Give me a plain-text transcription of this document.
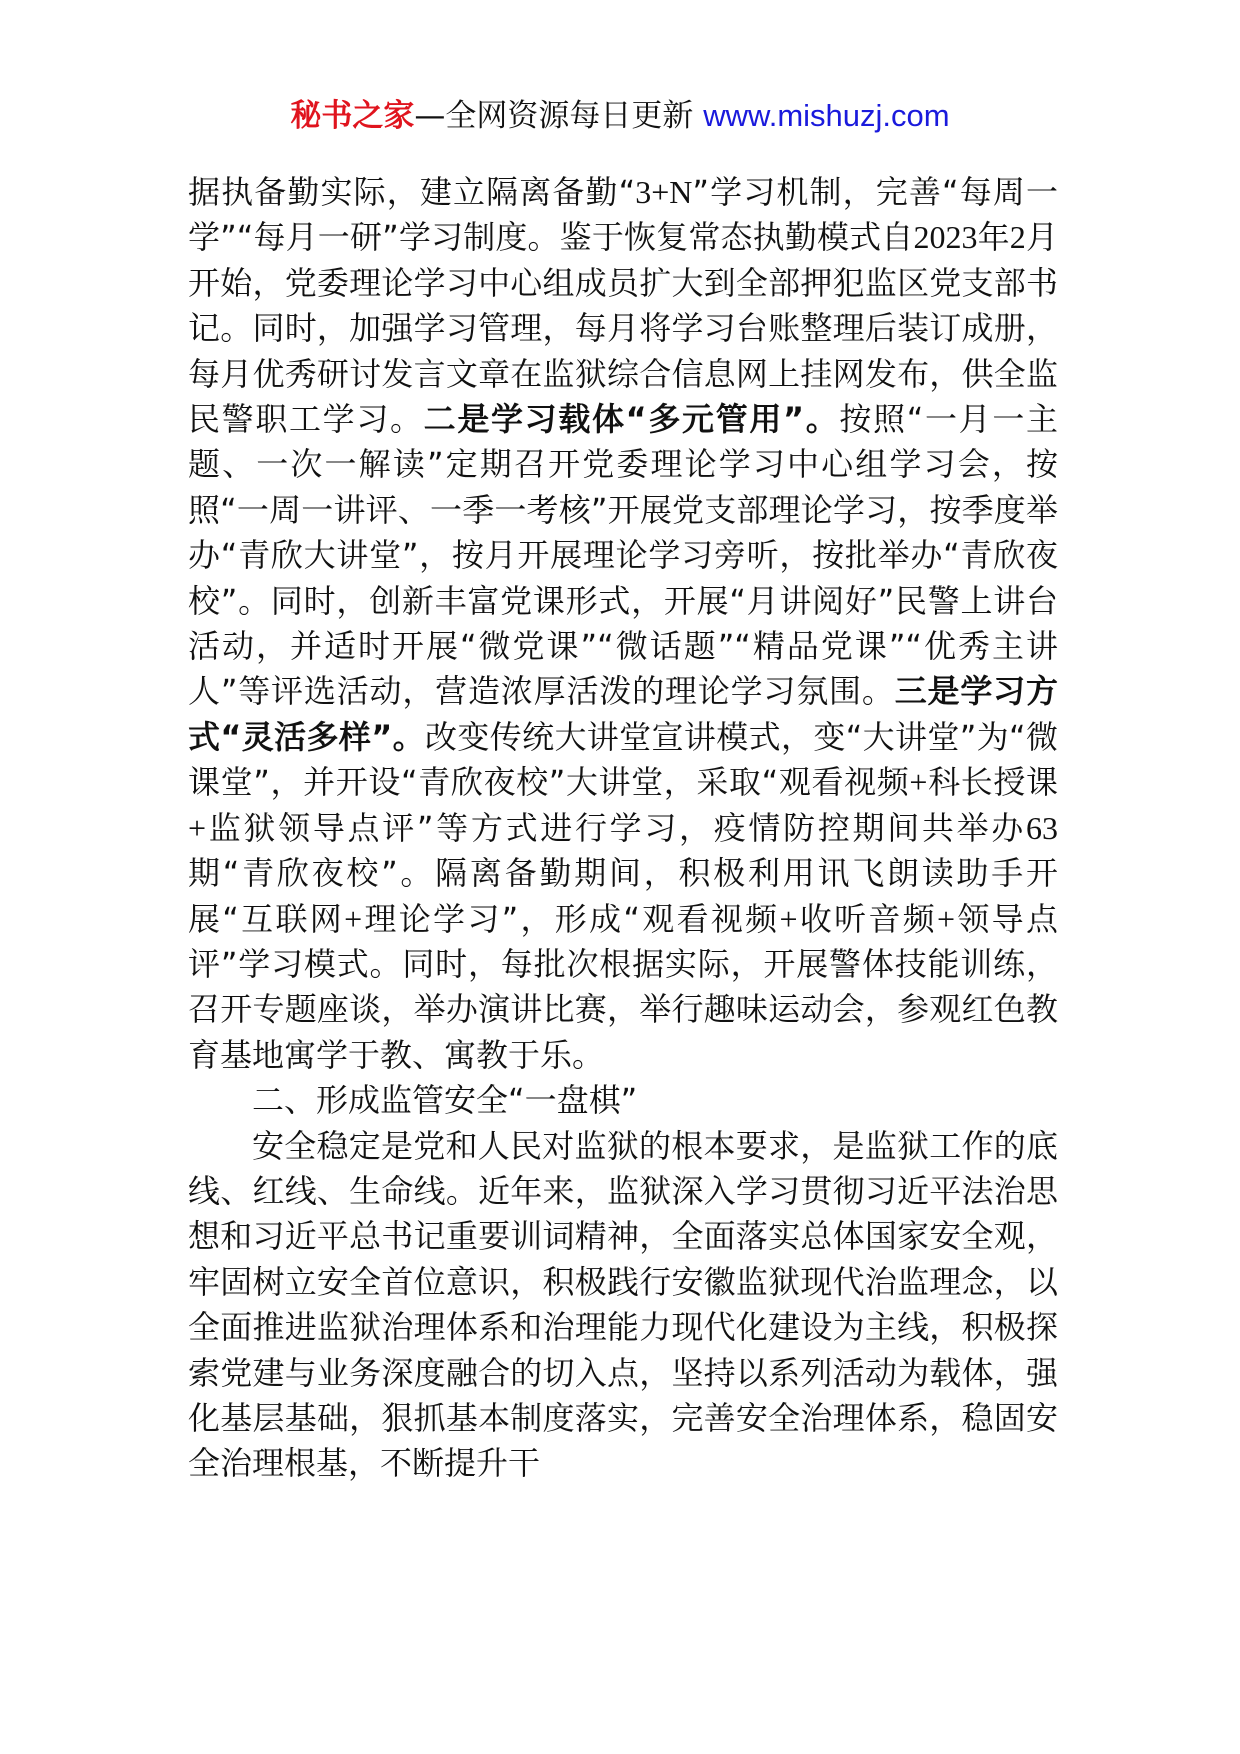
秘书之家—全网资源每日更新 www.mishuzj.com

据执备勤实际，建立隔离备勤“3+N”学习机制，完善“每周一学”“每月一研”学习制度。鉴于恢复常态执勤模式自2023年2月开始，党委理论学习中心组成员扩大到全部押犯监区党支部书记。同时，加强学习管理，每月将学习台账整理后装订成册，每月优秀研讨发言文章在监狱综合信息网上挂网发布，供全监民警职工学习。二是学习载体“多元管用”。按照“一月一主题、一次一解读”定期召开党委理论学习中心组学习会，按照“一周一讲评、一季一考核”开展党支部理论学习，按季度举办“青欣大讲堂”，按月开展理论学习旁听，按批举办“青欣夜校”。同时，创新丰富党课形式，开展“月讲阅好”民警上讲台活动，并适时开展“微党课”“微话题”“精品党课”“优秀主讲人”等评选活动，营造浓厚活泼的理论学习氛围。三是学习方式“灵活多样”。改变传统大讲堂宣讲模式，变“大讲堂”为“微课堂”，并开设“青欣夜校”大讲堂，采取“观看视频+科长授课+监狱领导点评”等方式进行学习，疫情防控期间共举办63期“青欣夜校”。隔离备勤期间，积极利用讯飞朗读助手开展“互联网+理论学习”，形成“观看视频+收听音频+领导点评”学习模式。同时，每批次根据实际，开展警体技能训练，召开专题座谈，举办演讲比赛，举行趣味运动会，参观红色教育基地寓学于教、寓教于乐。

二、形成监管安全“一盘棋”

安全稳定是党和人民对监狱的根本要求，是监狱工作的底线、红线、生命线。近年来，监狱深入学习贯彻习近平法治思想和习近平总书记重要训词精神，全面落实总体国家安全观，牢固树立安全首位意识，积极践行安徽监狱现代治监理念，以全面推进监狱治理体系和治理能力现代化建设为主线，积极探索党建与业务深度融合的切入点，坚持以系列活动为载体，强化基层基础，狠抓基本制度落实，完善安全治理体系，稳固安全治理根基，不断提升干
